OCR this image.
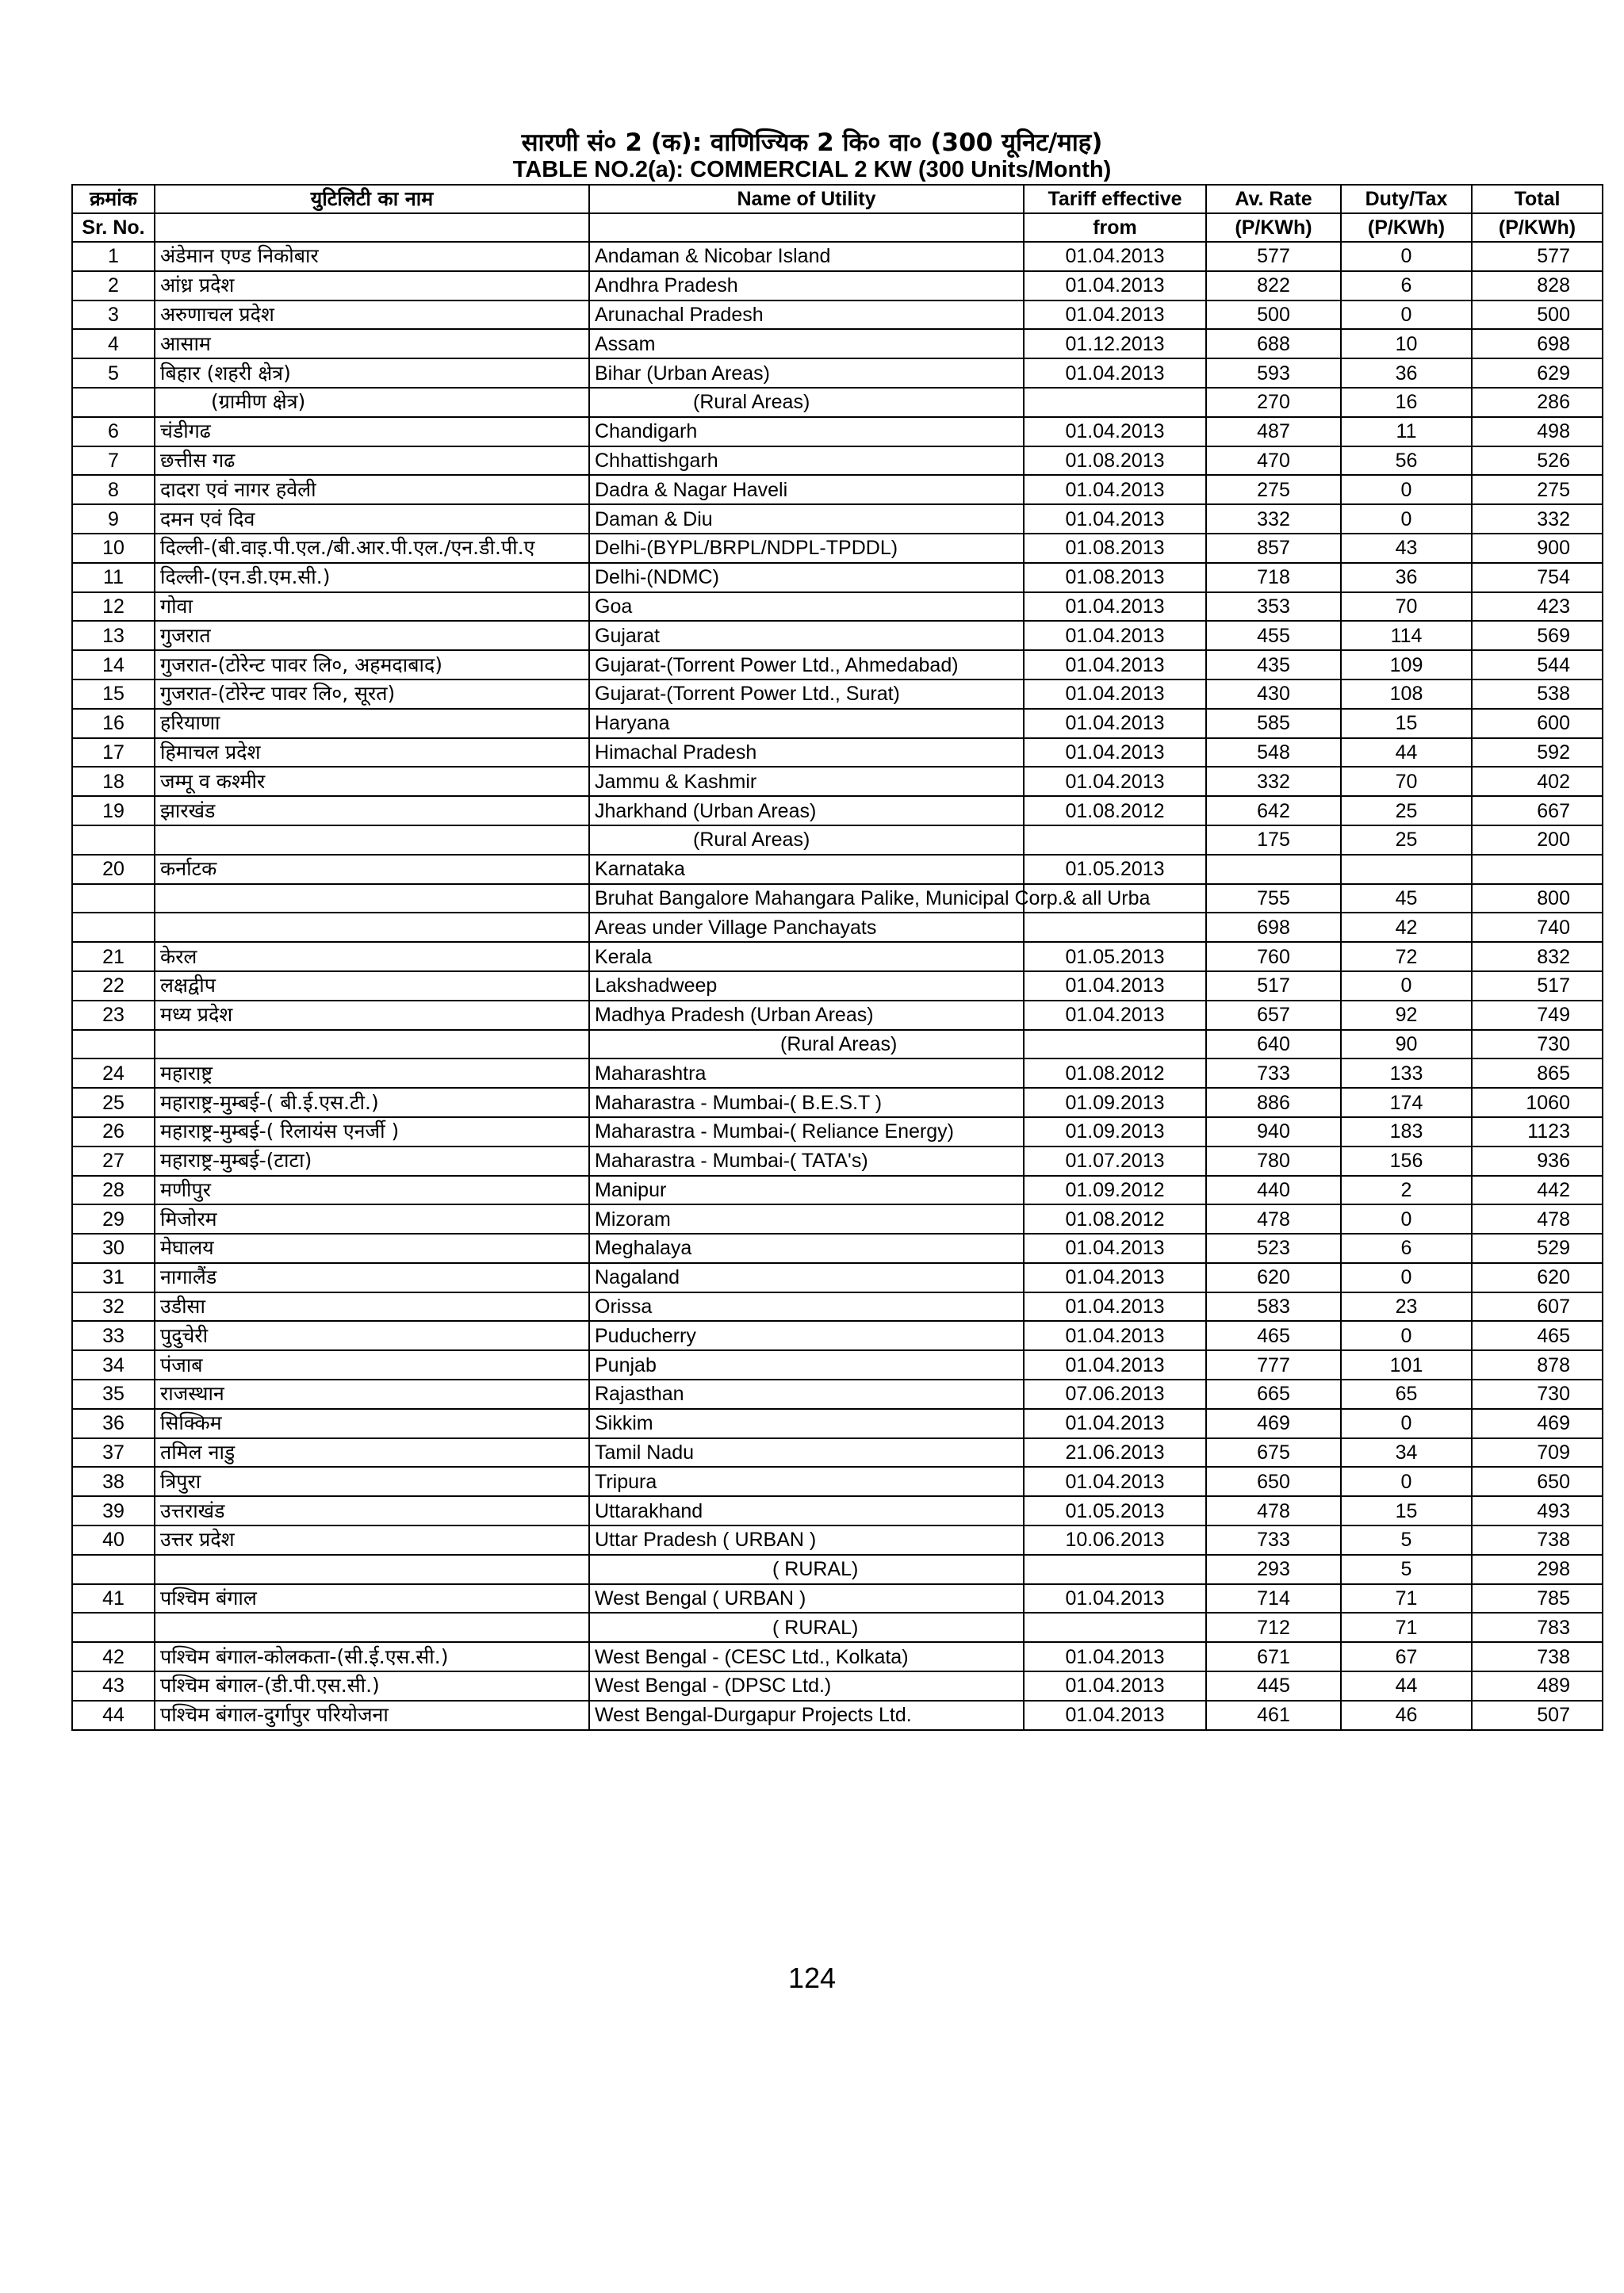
सारणी सं० 2 (क): वाणिज्यिक 2 कि० वा० (300 यूनिट/माह)
TABLE NO.2(a): COMMERCIAL 2 KW (300 Units/Month)
क्रमांक	युटिलिटी का नाम	Name of Utility	Tariff effective	Av. Rate	Duty/Tax	Total
Sr. No.			from	(P/KWh)	(P/KWh)	(P/KWh)
1	अंडेमान एण्ड निकोबार	Andaman & Nicobar Island	01.04.2013	577	0	577
2	आंध्र प्रदेश	Andhra Pradesh	01.04.2013	822	6	828
3	अरुणाचल प्रदेश	Arunachal Pradesh	01.04.2013	500	0	500
4	आसाम	Assam	01.12.2013	688	10	698
5	बिहार (शहरी क्षेत्र)	Bihar (Urban Areas)	01.04.2013	593	36	629
	(ग्रामीण क्षेत्र)	(Rural Areas)		270	16	286
6	चंडीगढ	Chandigarh	01.04.2013	487	11	498
7	छत्तीस गढ	Chhattishgarh	01.08.2013	470	56	526
8	दादरा एवं नागर हवेली	Dadra & Nagar Haveli	01.04.2013	275	0	275
9	दमन एवं दिव	Daman & Diu	01.04.2013	332	0	332
10	दिल्ली-(बी.वाइ.पी.एल./बी.आर.पी.एल./एन.डी.पी.ए	Delhi-(BYPL/BRPL/NDPL-TPDDL)	01.08.2013	857	43	900
11	दिल्ली-(एन.डी.एम.सी.)	Delhi-(NDMC)	01.08.2013	718	36	754
12	गोवा	Goa	01.04.2013	353	70	423
13	गुजरात	Gujarat	01.04.2013	455	114	569
14	गुजरात-(टोरेन्ट पावर लि०, अहमदाबाद)	Gujarat-(Torrent Power Ltd., Ahmedabad)	01.04.2013	435	109	544
15	गुजरात-(टोरेन्ट पावर लि०, सूरत)	Gujarat-(Torrent Power Ltd., Surat)	01.04.2013	430	108	538
16	हरियाणा	Haryana	01.04.2013	585	15	600
17	हिमाचल प्रदेश	Himachal Pradesh	01.04.2013	548	44	592
18	जम्मू व कश्मीर	Jammu & Kashmir	01.04.2013	332	70	402
19	झारखंड	Jharkhand (Urban Areas)	01.08.2012	642	25	667
		(Rural Areas)		175	25	200
20	कर्नाटक	Karnataka	01.05.2013			
		Bruhat Bangalore Mahangara Palike, Municipal Corp.& all Urba		755	45	800
		Areas under Village Panchayats		698	42	740
21	केरल	Kerala	01.05.2013	760	72	832
22	लक्षद्वीप	Lakshadweep	01.04.2013	517	0	517
23	मध्य प्रदेश	Madhya Pradesh (Urban Areas)	01.04.2013	657	92	749
		(Rural Areas)		640	90	730
24	महाराष्ट्र	Maharashtra	01.08.2012	733	133	865
25	महाराष्ट्र-मुम्बई-( बी.ई.एस.टी.)	Maharastra - Mumbai-( B.E.S.T )	01.09.2013	886	174	1060
26	महाराष्ट्र-मुम्बई-( रिलायंस एनर्जी )	Maharastra - Mumbai-( Reliance Energy)	01.09.2013	940	183	1123
27	महाराष्ट्र-मुम्बई-(टाटा)	Maharastra - Mumbai-( TATA's)	01.07.2013	780	156	936
28	मणीपुर	Manipur	01.09.2012	440	2	442
29	मिजोरम	Mizoram	01.08.2012	478	0	478
30	मेघालय	Meghalaya	01.04.2013	523	6	529
31	नागालैंड	Nagaland	01.04.2013	620	0	620
32	उडीसा	Orissa	01.04.2013	583	23	607
33	पुदुचेरी	Puducherry	01.04.2013	465	0	465
34	पंजाब	Punjab	01.04.2013	777	101	878
35	राजस्थान	Rajasthan	07.06.2013	665	65	730
36	सिक्किम	Sikkim	01.04.2013	469	0	469
37	तमिल नाडु	Tamil Nadu	21.06.2013	675	34	709
38	त्रिपुरा	Tripura	01.04.2013	650	0	650
39	उत्तराखंड	Uttarakhand	01.05.2013	478	15	493
40	उत्तर प्रदेश	Uttar Pradesh ( URBAN )	10.06.2013	733	5	738
		( RURAL)		293	5	298
41	पश्चिम बंगाल	West Bengal ( URBAN )	01.04.2013	714	71	785
		( RURAL)		712	71	783
42	पश्चिम बंगाल-कोलकता-(सी.ई.एस.सी.)	West Bengal - (CESC Ltd., Kolkata)	01.04.2013	671	67	738
43	पश्चिम बंगाल-(डी.पी.एस.सी.)	West Bengal - (DPSC Ltd.)	01.04.2013	445	44	489
44	पश्चिम बंगाल-दुर्गापुर परियोजना	West Bengal-Durgapur Projects Ltd.	01.04.2013	461	46	507
124
